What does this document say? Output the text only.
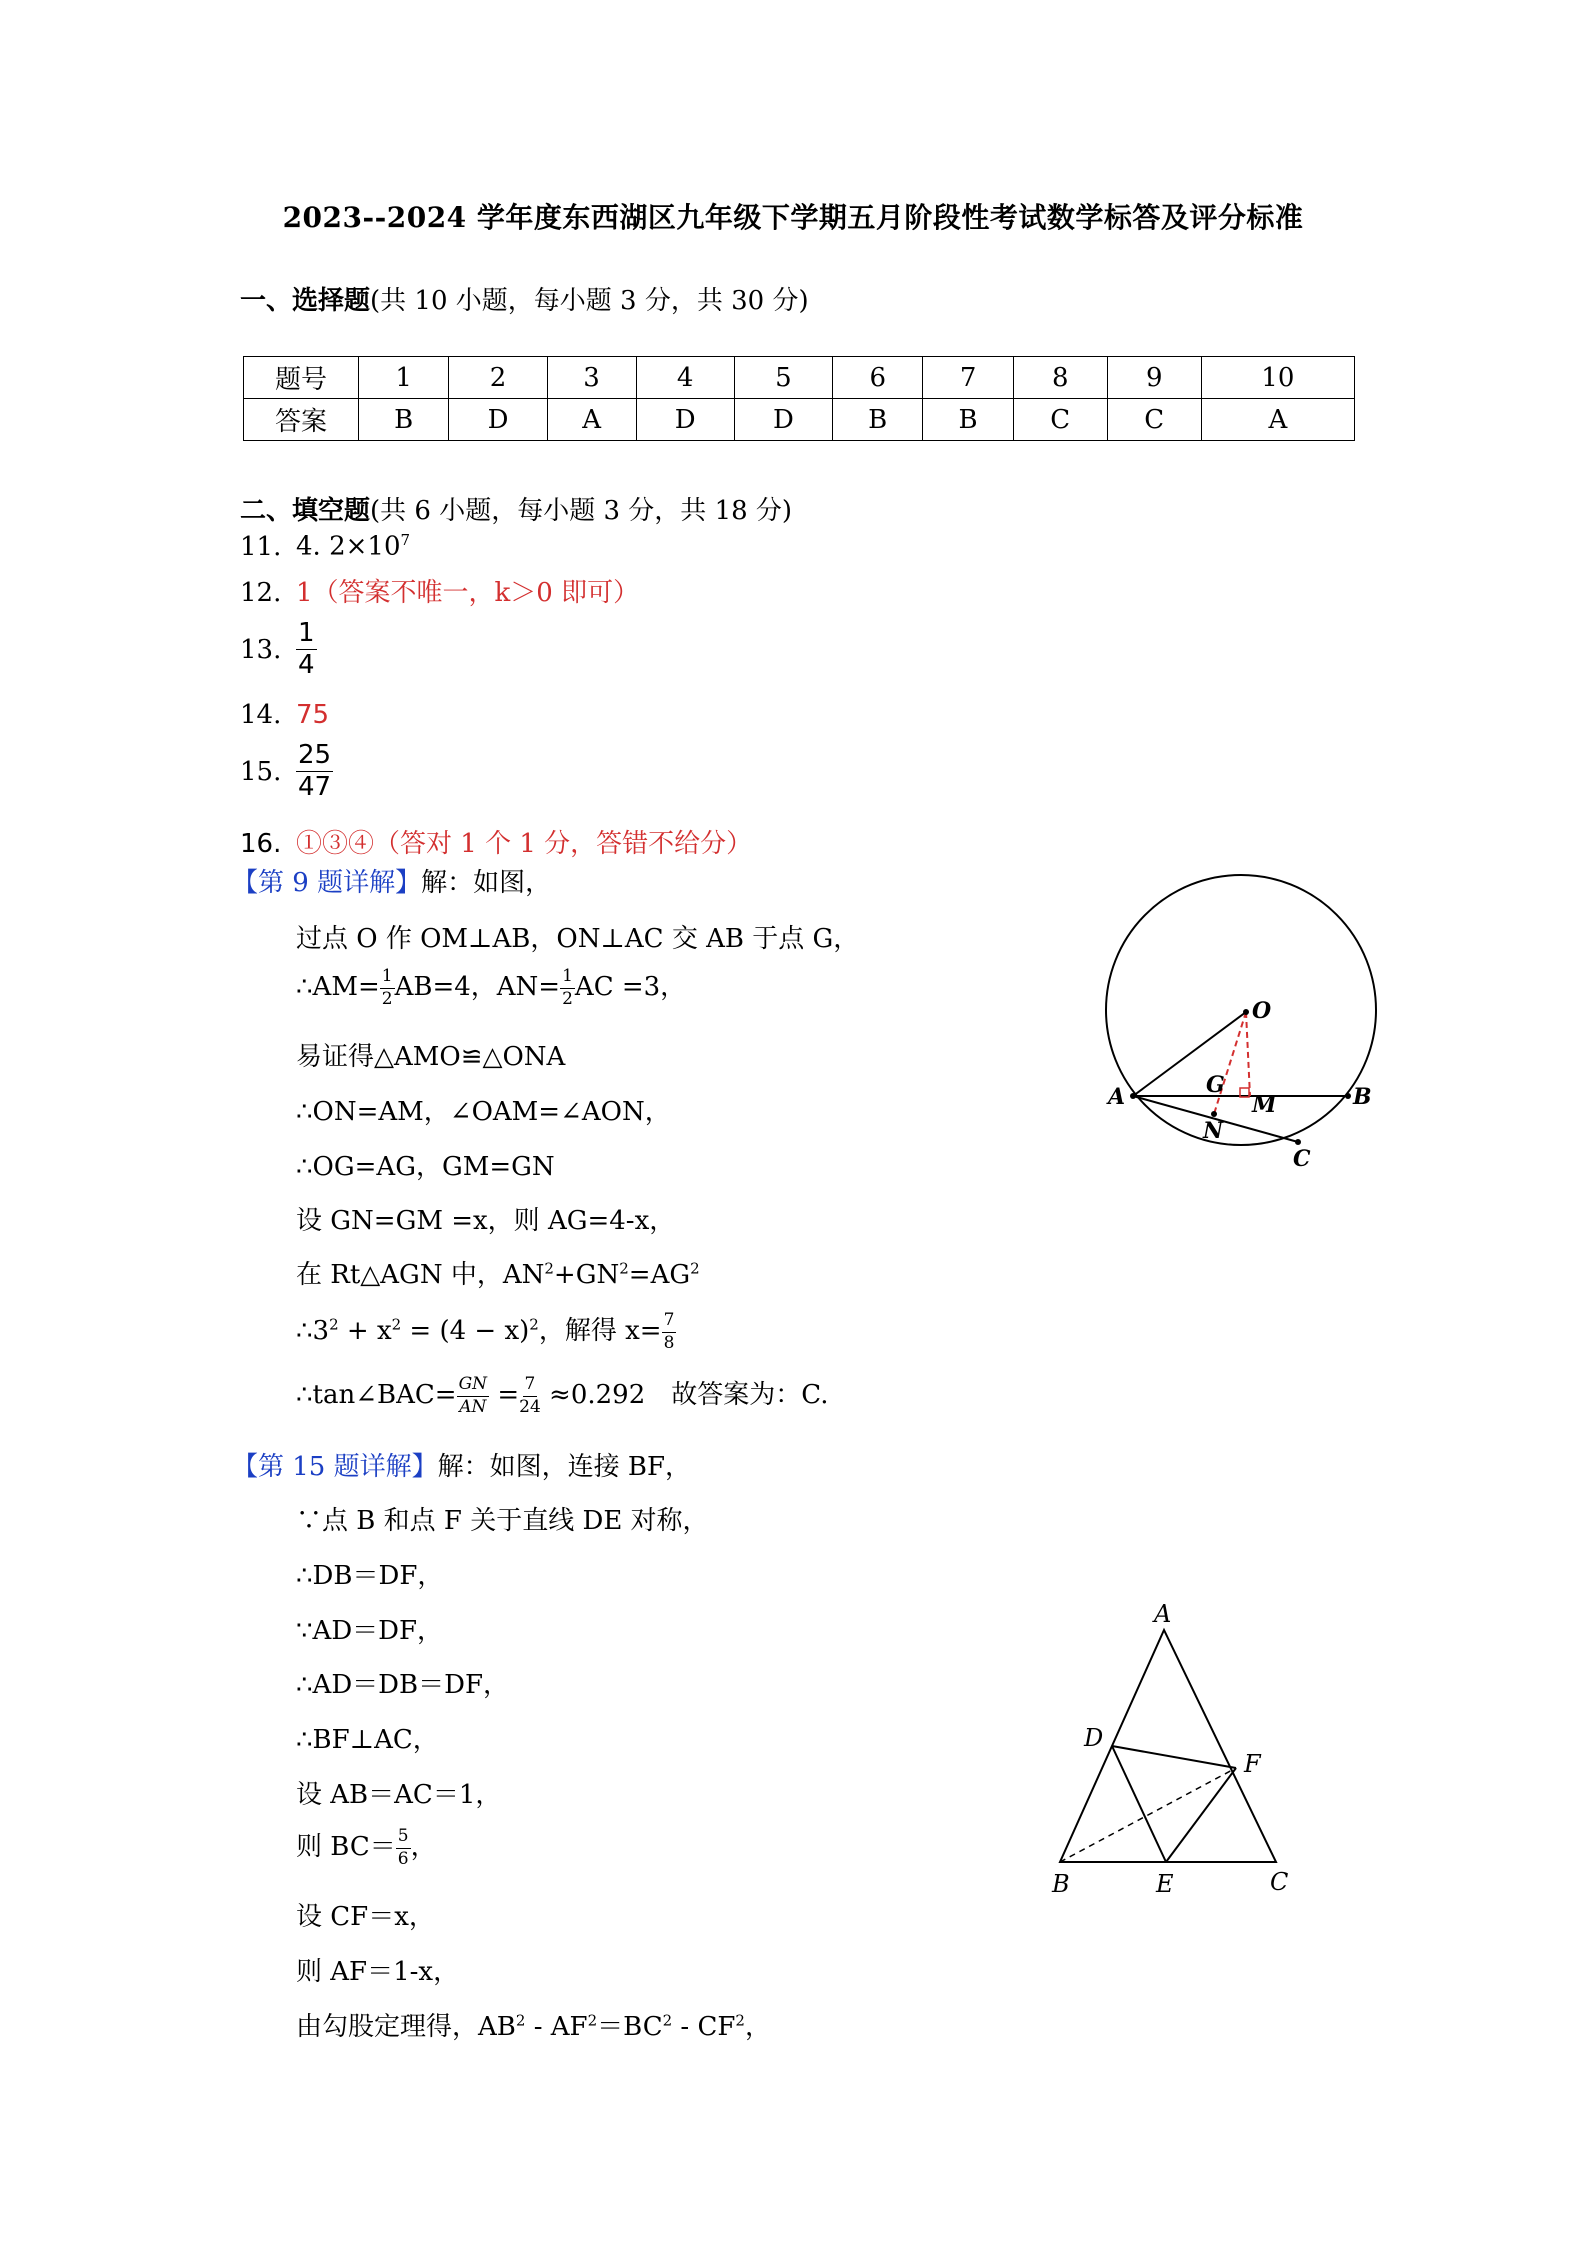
2023--2024 学年度东西湖区九年级下学期五月阶段性考试数学标答及评分标准
一、选择题(共 10 小题，每小题 3 分，共 30 分)
题号	1	2	3	4	5	6	7	8	9	10
答案	B	D	A	D	D	B	B	C	C	A
二、填空题(共 6 小题，每小题 3 分，共 18 分)
11. 4. $2\times 10^7$
12. 1（答案不唯一，k＞0 即可）
13. $\frac{1}{4}$
14. 75
15. $\frac{25}{47}$
16. ①③④（答对 1 个 1 分，答错不给分）
【第 9 题详解】解：如图，
过点 O 作 OM⊥AB，ON⊥AC 交 AB 于点 G，
∴AM= $\frac{1}{2} AB=4$，$AN= \frac{1}{2}$ AC =3，
易证得△AMO≌△ONA
∴ON=AM，∠OAM=∠AON，
∴OG=AG，GM=GN
设 GN=GM =x，则 AG=4-x，
在 Rt△AGN 中，$AN^2+GN^2=AG^2$
$\therefore 3^2 + x^2 = (4 - x)^2$，解得 $x= \frac{7}{8}$
∴tan∠BAC= $\frac{GN}{AN} = \frac{7}{24} \approx 0.292$　故答案为：C.
O
G
A	M	B
N
C
【第 15 题详解】解：如图，连接 BF，
∵点 B 和点 F 关于直线 DE 对称，
∴DB＝DF，
∵AD＝DF，
∴AD＝DB＝DF，
∴BF⊥AC，
设 AB＝AC＝1，
则 $BC= \frac{5}{6}$ ，
设 CF＝x，
则 AF＝1-x，
由勾股定理得，$AB^2 - AF^2=BC^2 - CF^2$，
A
D
F
B	E	C
